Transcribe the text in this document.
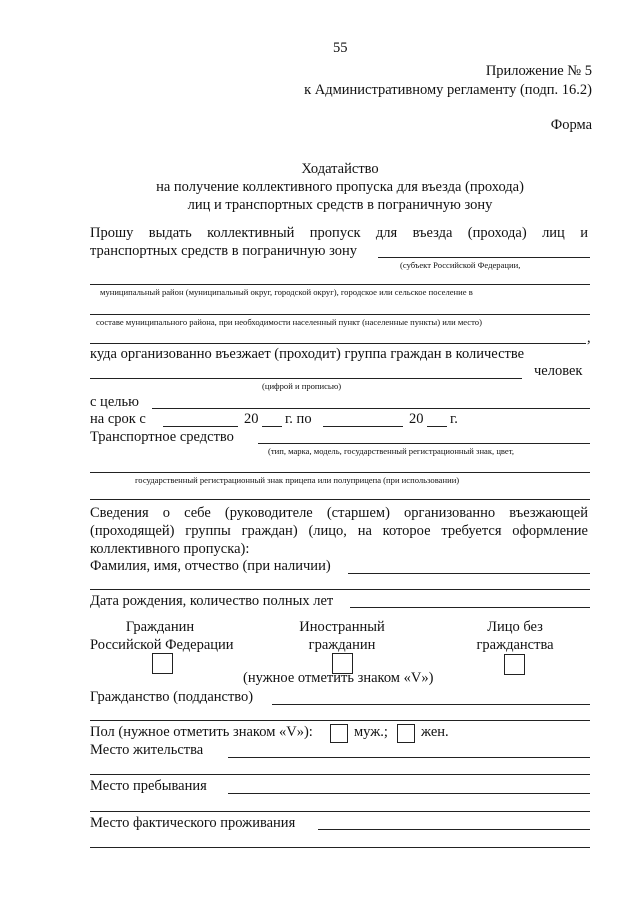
55
Приложение № 5
к Административному регламенту (подп. 16.2)
Форма
Ходатайство
на получение коллективного пропуска для въезда (прохода)
лиц и транспортных средств в пограничную зону
Прошу выдать коллективный пропуск для въезда (прохода) лиц и
транспортных средств в пограничную зону
(субъект Российской Федерации,
муниципальный район (муниципальный округ, городской округ), городское или сельское поселение в
составе муниципального района, при необходимости населенный пункт (населенные пункты) или место)
,
куда организованно въезжает (проходит) группа граждан в количестве
человек
(цифрой и прописью)
с целью
на срок с	20 г. по	20 г.
Транспортное средство
(тип, марка, модель, государственный регистрационный знак, цвет,
государственный регистрационный знак прицепа или полуприцепа (при использовании)
Сведения о себе (руководителе (старшем) организованно въезжающей
(проходящей) группы граждан) (лицо, на которое требуется оформление
коллективного пропуска):
Фамилия, имя, отчество (при наличии)
Дата рождения, количество полных лет
Гражданин
Российской Федерации
Иностранный
гражданин
Лицо без
гражданства
(нужное отметить знаком «V»)
Гражданство (подданство)
Пол (нужное отметить знаком «V»):	муж.; жен.
Место жительства
Место пребывания
Место фактического проживания
